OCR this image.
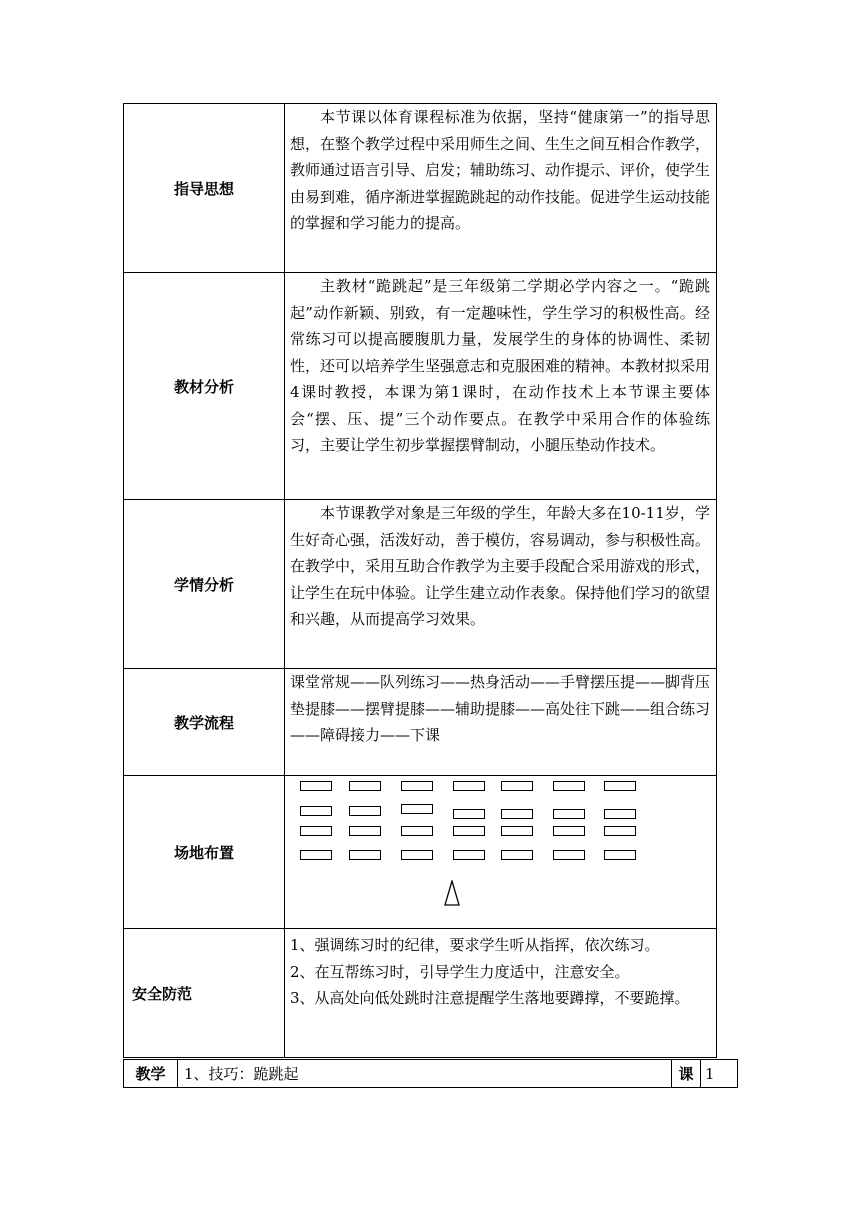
指导思想	本节课以体育课程标准为依据，坚持“健康第一”的指导思想，在整个教学过程中采用师生之间、生生之间互相合作教学，教师通过语言引导、启发；辅助练习、动作提示、评价，使学生由易到难，循序渐进掌握跪跳起的动作技能。促进学生运动技能的掌握和学习能力的提高。

教材分析	主教材“跪跳起”是三年级第二学期必学内容之一。“跪跳起”动作新颖、别致，有一定趣味性，学生学习的积极性高。经常练习可以提高腰腹肌力量，发展学生的身体的协调性、柔韧性，还可以培养学生坚强意志和克服困难的精神。本教材拟采用4课时教授，本课为第1课时，在动作技术上本节课主要体会“摆、压、提”三个动作要点。在教学中采用合作的体验练习，主要让学生初步掌握摆臂制动，小腿压垫动作技术。

学情分析	本节课教学对象是三年级的学生，年龄大多在10-11岁，学生好奇心强，活泼好动，善于模仿，容易调动，参与积极性高。在教学中，采用互助合作教学为主要手段配合采用游戏的形式，让学生在玩中体验。让学生建立动作表象。保持他们学习的欲望和兴趣，从而提高学习效果。

教学流程	课堂常规——队列练习——热身活动——手臂摆压提——脚背压垫提膝——摆臂提膝——辅助提膝——高处往下跳——组合练习——障碍接力——下课

场地布置	

安全防范	1、强调练习时的纪律，要求学生听从指挥，依次练习。

2、在互帮练习时，引导学生力度适中，注意安全。

3、从高处向低处跳时注意提醒学生落地要蹲撑，不要跪撑。

教学	1、技巧：跪跳起	课	1
